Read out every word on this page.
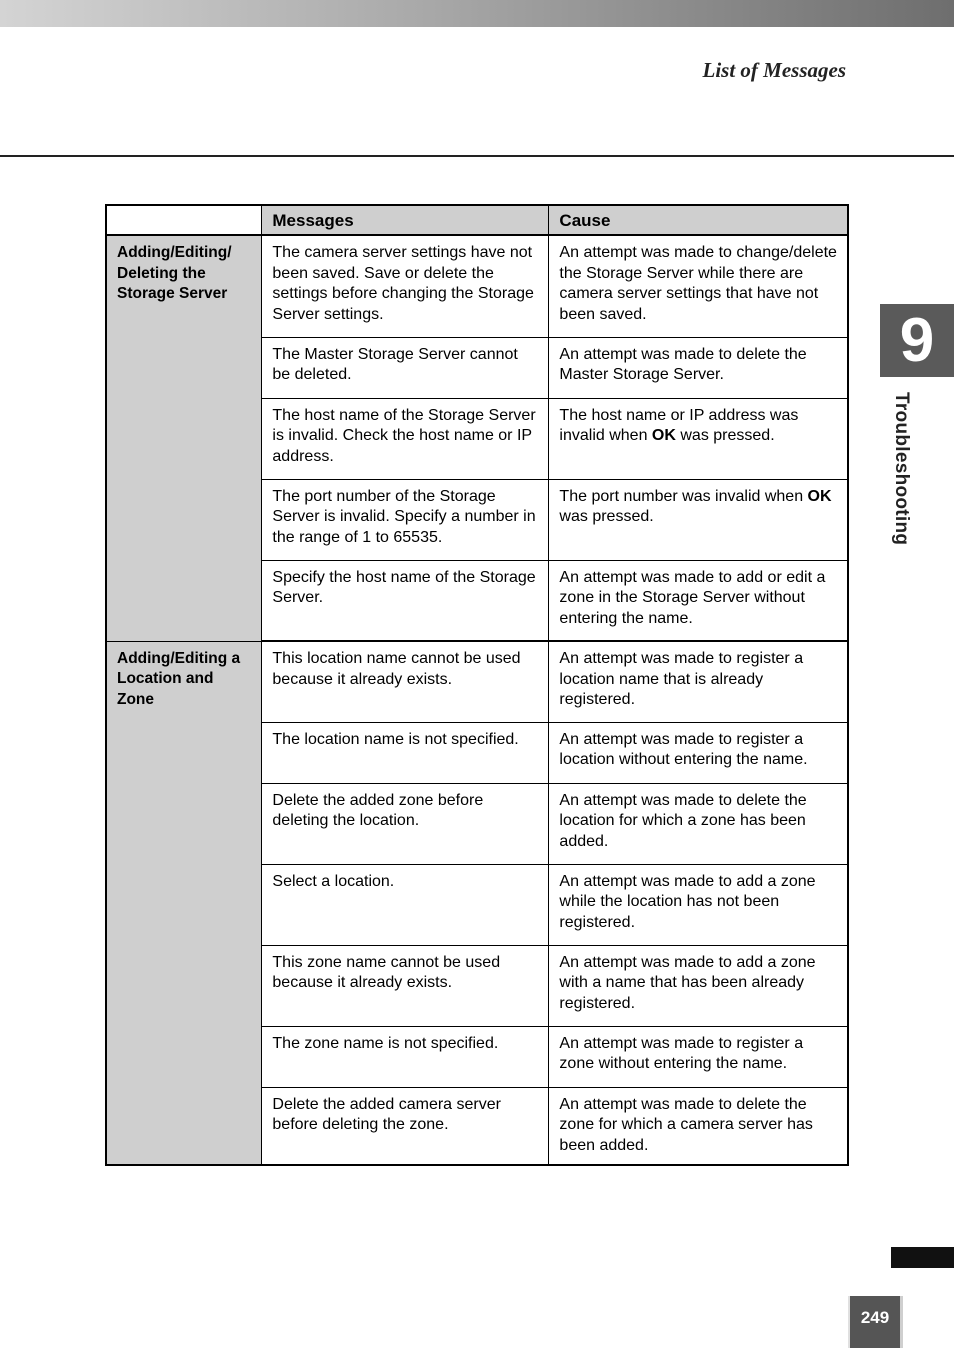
List of Messages
9
Troubleshooting
	Messages	Cause
Adding/Editing/
Deleting the
Storage Server	The camera server settings have not been saved. Save or delete the settings before changing the Storage Server settings.	An attempt was made to change/delete the Storage Server while there are camera server settings that have not been saved.
	The Master Storage Server cannot be deleted.	An attempt was made to delete the Master Storage Server.
	The host name of the Storage Server is invalid. Check the host name or IP address.	The host name or IP address was invalid when OK was pressed.
	The port number of the Storage Server is invalid. Specify a number in the range of 1 to 65535.	The port number was invalid when OK was pressed.
	Specify the host name of the Storage Server.	An attempt was made to add or edit a zone in the Storage Server without entering the name.
Adding/Editing a
Location and
Zone	This location name cannot be used because it already exists.	An attempt was made to register a location name that is already registered.
	The location name is not specified.	An attempt was made to register a location without entering the name.
	Delete the added zone before deleting the location.	An attempt was made to delete the location for which a zone has been added.
	Select a location.	An attempt was made to add a zone while the location has not been registered.
	This zone name cannot be used because it already exists.	An attempt was made to add a zone with a name that has been already registered.
	The zone name is not specified.	An attempt was made to register a zone without entering the name.
	Delete the added camera server before deleting the zone.	An attempt was made to delete the zone for which a camera server has been added.
249
